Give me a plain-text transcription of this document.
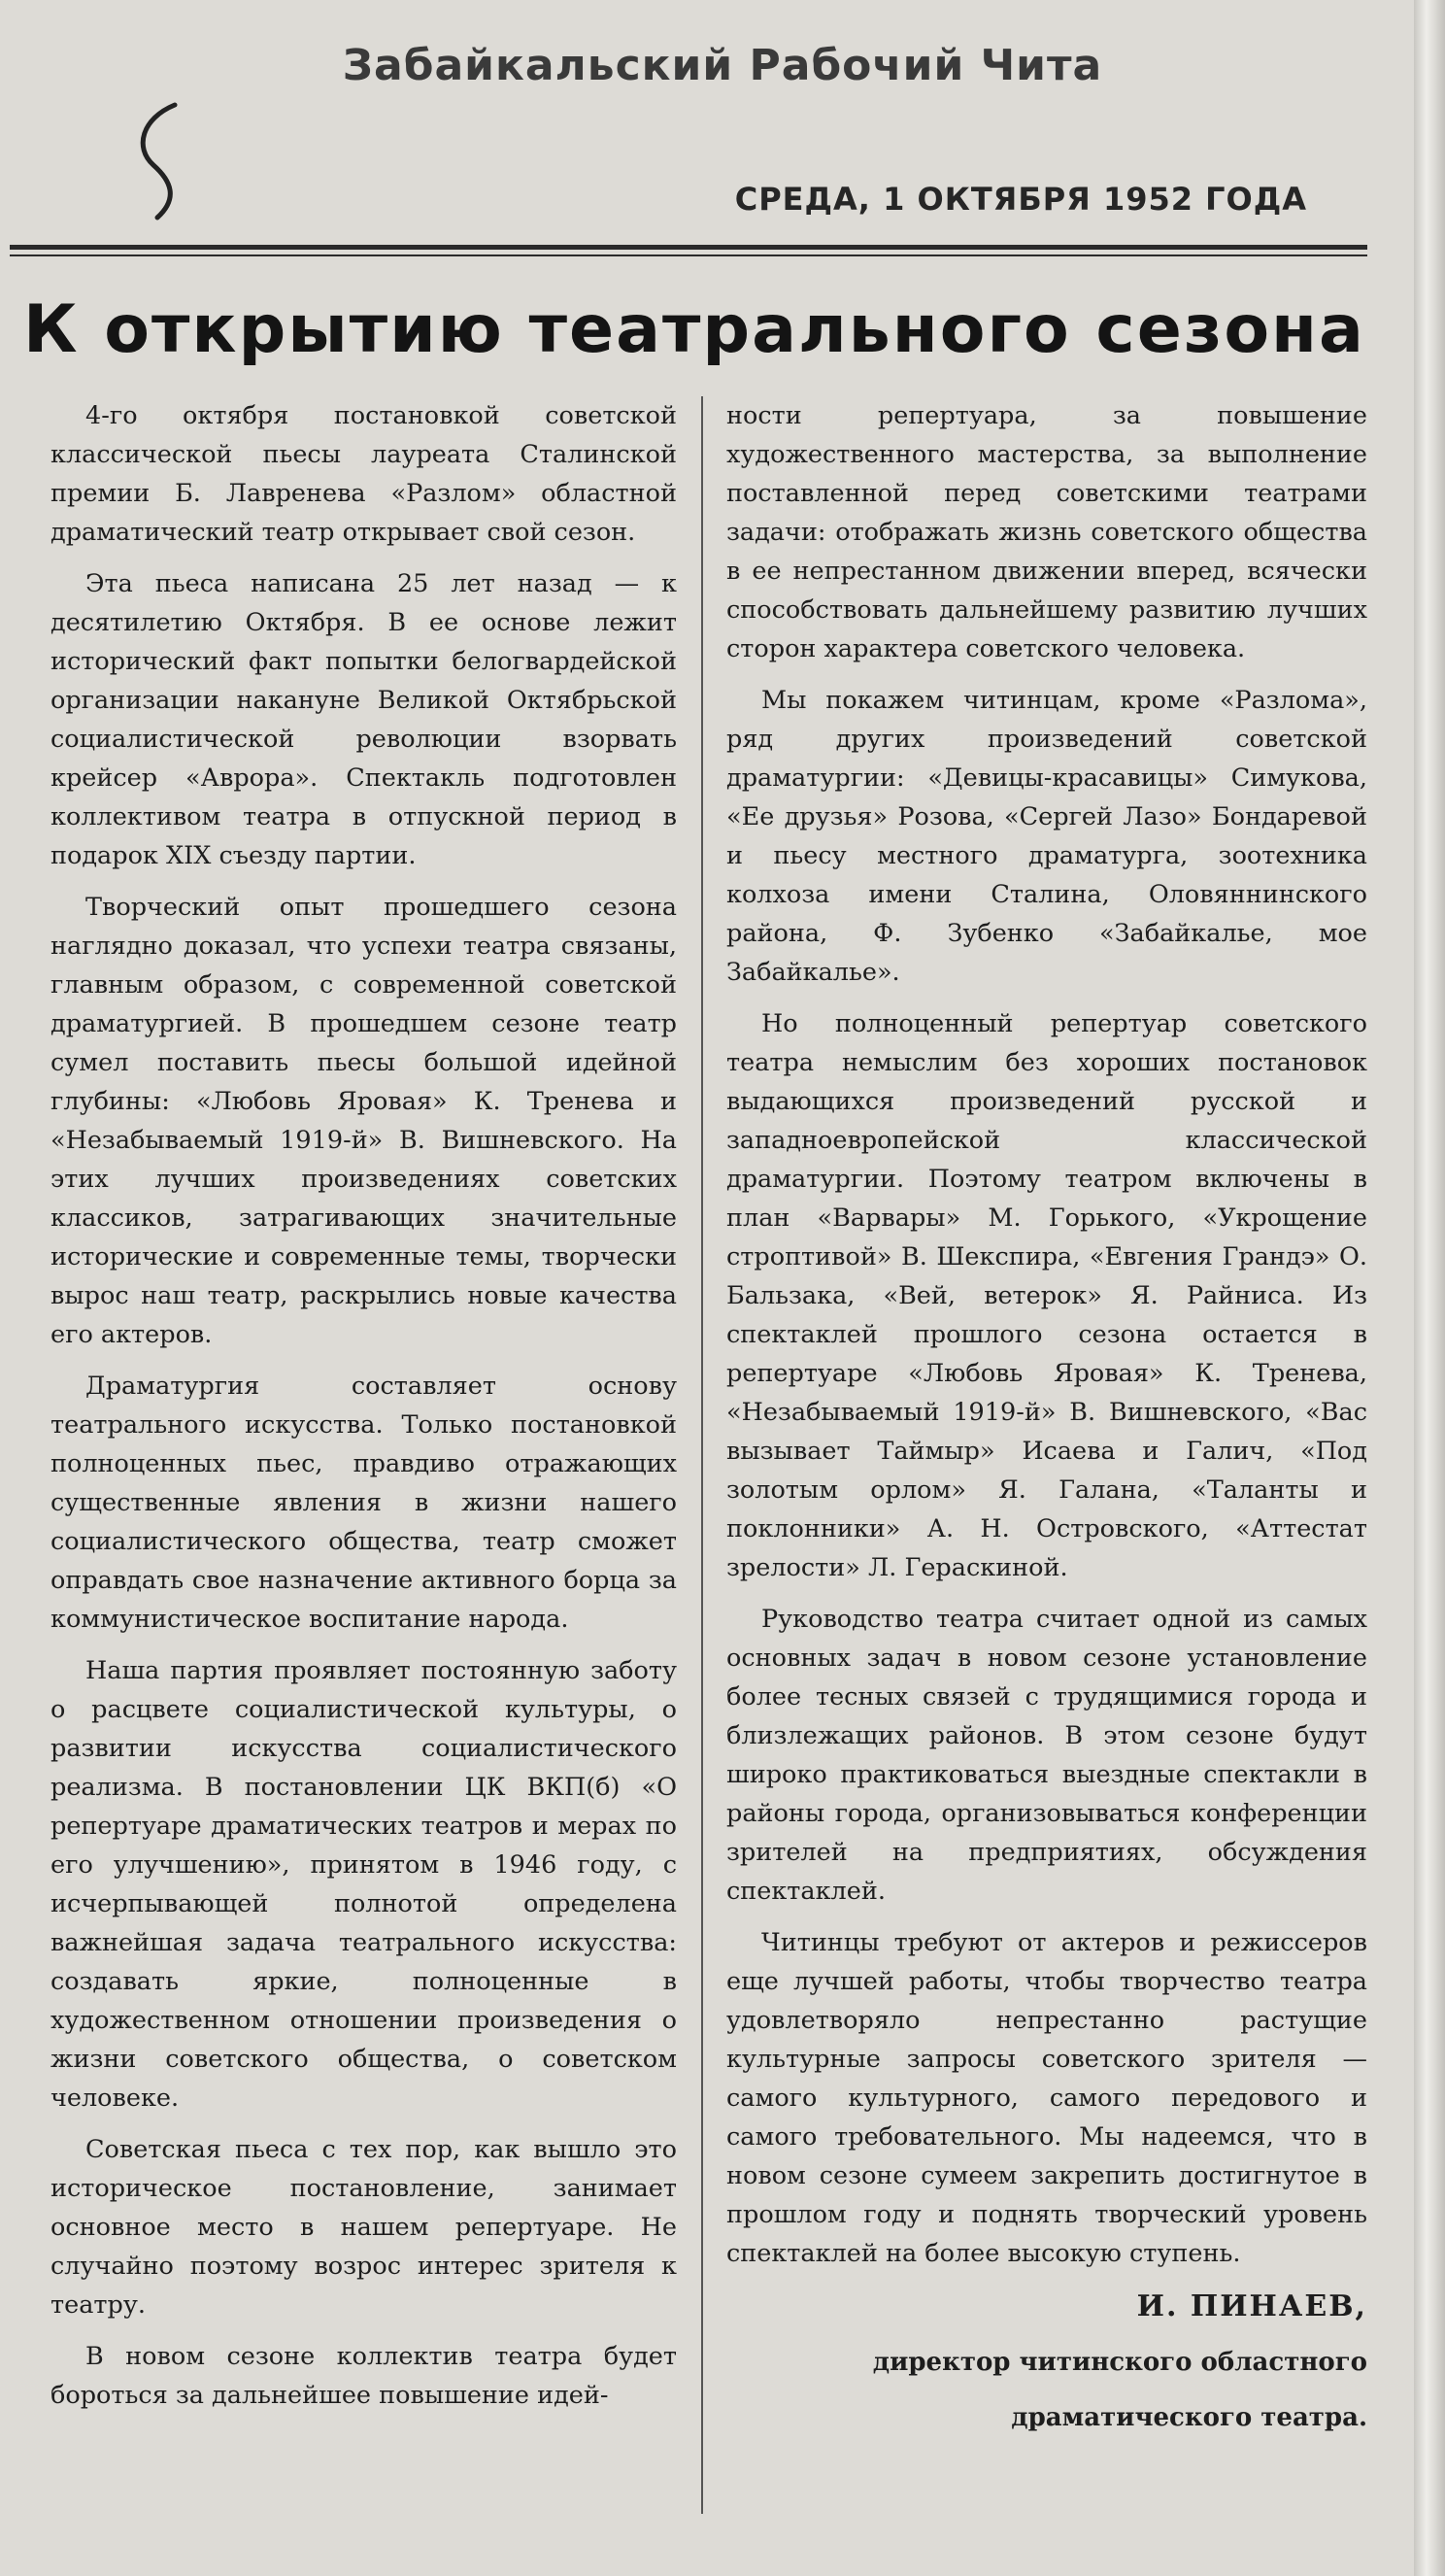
Забайкальский Рабочий Чита
СРЕДА, 1 ОКТЯБРЯ 1952 ГОДА
К открытию театрального сезона

4-го октября постановкой советской классической пьесы лауреата Сталинской премии Б. Лавренева «Разлом» областной драматический театр открывает свой сезон.

Эта пьеса написана 25 лет назад — к десятилетию Октября. В ее основе лежит исторический факт попытки белогвардейской организации накануне Великой Октябрьской социалистической революции взорвать крейсер «Аврора». Спектакль подготовлен коллективом театра в отпускной период в подарок XIX съезду партии.

Творческий опыт прошедшего сезона наглядно доказал, что успехи театра связаны, главным образом, с современной советской драматургией. В прошедшем сезоне театр сумел поставить пьесы большой идейной глубины: «Любовь Яровая» К. Тренева и «Незабываемый 1919-й» В. Вишневского. На этих лучших произведениях советских классиков, затрагивающих значительные исторические и современные темы, творчески вырос наш театр, раскрылись новые качества его актеров.

Драматургия составляет основу театрального искусства. Только постановкой полноценных пьес, правдиво отражающих существенные явления в жизни нашего социалистического общества, театр сможет оправдать свое назначение активного борца за коммунистическое воспитание народа.

Наша партия проявляет постоянную заботу о расцвете социалистической культуры, о развитии искусства социалистического реализма. В постановлении ЦК ВКП(б) «О репертуаре драматических театров и мерах по его улучшению», принятом в 1946 году, с исчерпывающей полнотой определена важнейшая задача театрального искусства: создавать яркие, полноценные в художественном отношении произведения о жизни советского общества, о советском человеке.

Советская пьеса с тех пор, как вышло это историческое постановление, занимает основное место в нашем репертуаре. Не случайно поэтому возрос интерес зрителя к театру.

В новом сезоне коллектив театра будет бороться за дальнейшее повышение идей-

ности репертуара, за повышение художественного мастерства, за выполнение поставленной перед советскими театрами задачи: отображать жизнь советского общества в ее непрестанном движении вперед, всячески способствовать дальнейшему развитию лучших сторон характера советского человека.

Мы покажем читинцам, кроме «Разлома», ряд других произведений советской драматургии: «Девицы-красавицы» Симукова, «Ее друзья» Розова, «Сергей Лазо» Бондаревой и пьесу местного драматурга, зоотехника колхоза имени Сталина, Оловяннинского района, Ф. Зубенко «Забайкалье, мое Забайкалье».

Но полноценный репертуар советского театра немыслим без хороших постановок выдающихся произведений русской и западноевропейской классической драматургии. Поэтому театром включены в план «Варвары» М. Горького, «Укрощение строптивой» В. Шекспира, «Евгения Грандэ» О. Бальзака, «Вей, ветерок» Я. Райниса. Из спектаклей прошлого сезона остается в репертуаре «Любовь Яровая» К. Тренева, «Незабываемый 1919-й» В. Вишневского, «Вас вызывает Таймыр» Исаева и Галич, «Под золотым орлом» Я. Галана, «Таланты и поклонники» А. Н. Островского, «Аттестат зрелости» Л. Гераскиной.

Руководство театра считает одной из самых основных задач в новом сезоне установление более тесных связей с трудящимися города и близлежащих районов. В этом сезоне будут широко практиковаться выездные спектакли в районы города, организовываться конференции зрителей на предприятиях, обсуждения спектаклей.

Читинцы требуют от актеров и режиссеров еще лучшей работы, чтобы творчество театра удовлетворяло непрестанно растущие культурные запросы советского зрителя — самого культурного, самого передового и самого требовательного. Мы надеемся, что в новом сезоне сумеем закрепить достигнутое в прошлом году и поднять творческий уровень спектаклей на более высокую ступень.

И. ПИНАЕВ,

директор читинского областного

драматического театра.
